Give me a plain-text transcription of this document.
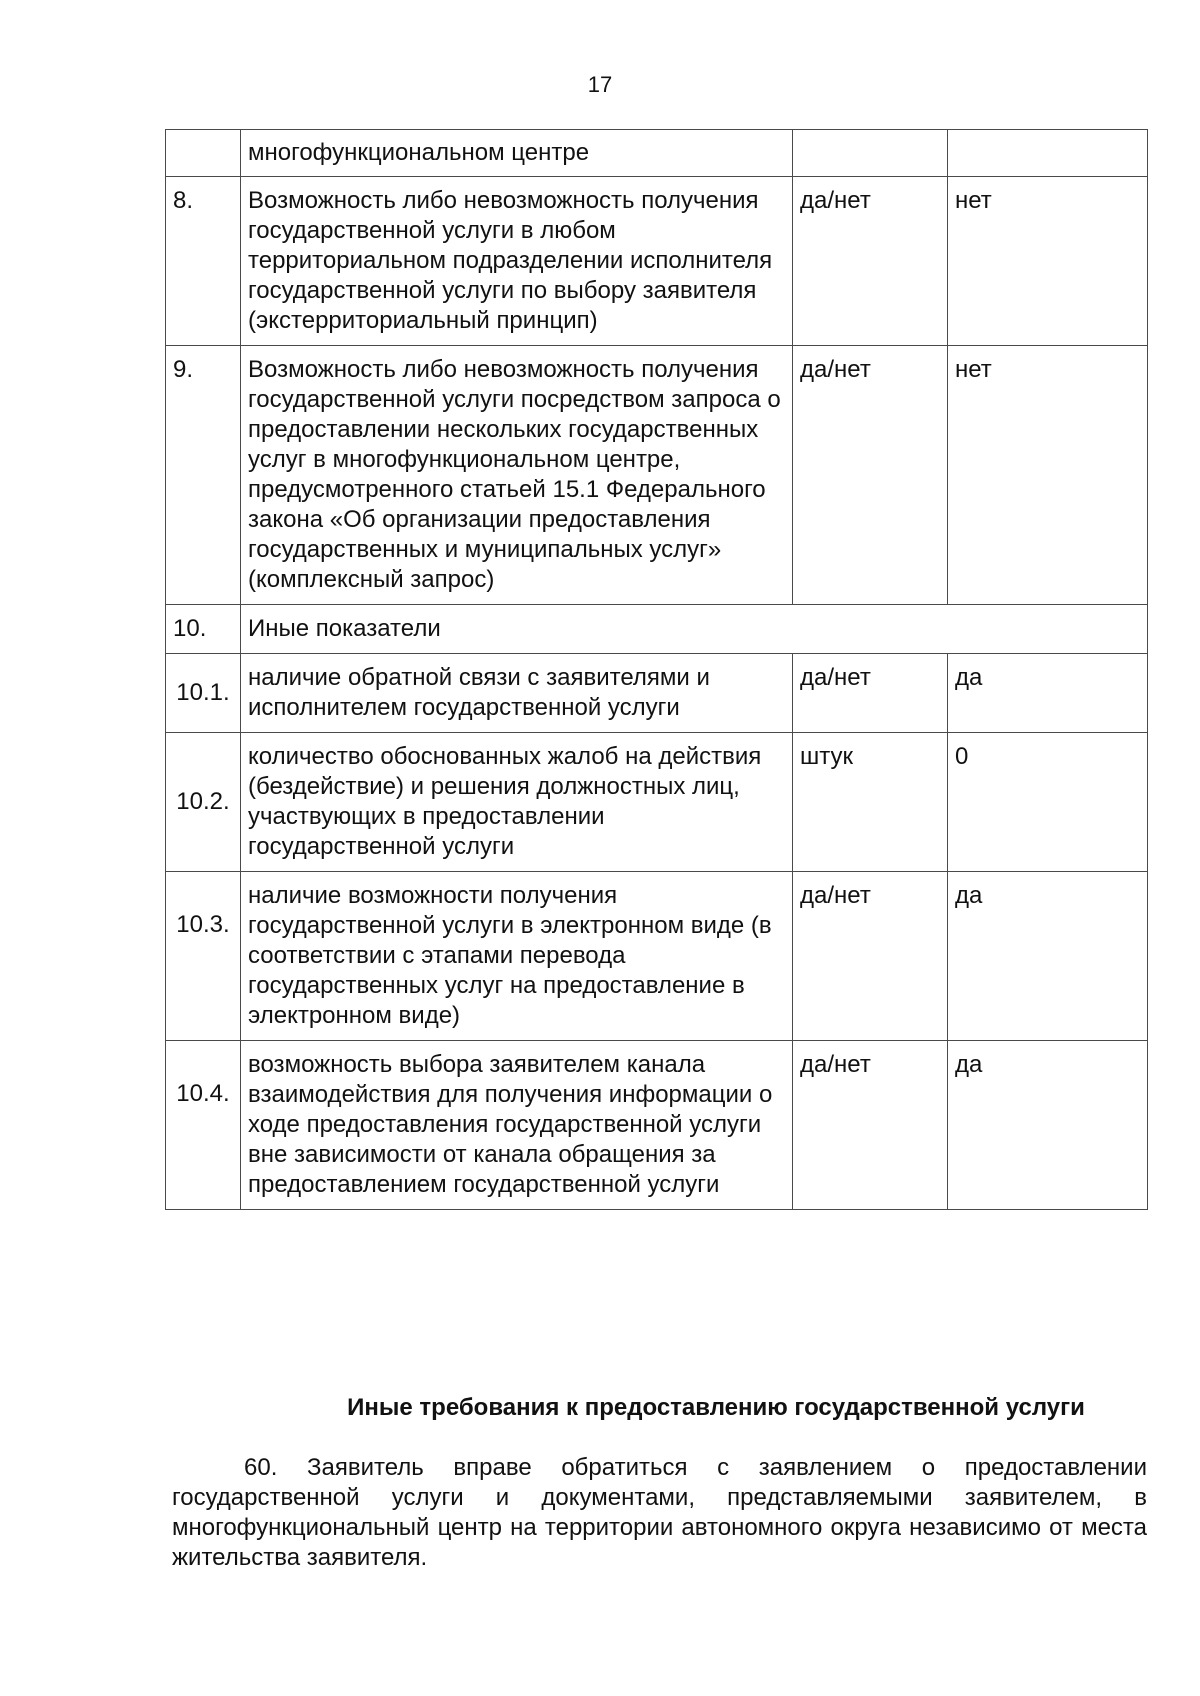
17
	многофункциональном центре		
8.	Возможность либо невозможность получения государственной услуги в любом территориальном подразделении исполнителя государственной услуги по выбору заявителя (экстерриториальный принцип)	да/нет	нет
9.	Возможность либо невозможность получения государственной услуги посредством запроса о предоставлении нескольких государственных услуг в многофункциональном центре, предусмотренного статьей 15.1 Федерального закона «Об организации предоставления государственных и муниципальных услуг» (комплексный запрос)	да/нет	нет
10.	Иные показатели		
10.1.	наличие обратной связи с заявителями и исполнителем государственной услуги	да/нет	да
10.2.	количество обоснованных жалоб на действия (бездействие) и решения должностных лиц, участвующих в предоставлении государственной услуги	штук	0
10.3.	наличие возможности получения государственной услуги в электронном виде (в соответствии с этапами перевода государственных услуг на предоставление в электронном виде)	да/нет	да
10.4.	возможность выбора заявителем канала взаимодействия для получения информации о ходе предоставления государственной услуги вне зависимости от канала обращения за предоставлением государственной услуги	да/нет	да
Иные требования к предоставлению государственной услуги

60. Заявитель вправе обратиться с заявлением о предоставлении государственной услуги и документами, представляемыми заявителем, в многофункциональный центр на территории автономного округа независимо от места жительства заявителя.
